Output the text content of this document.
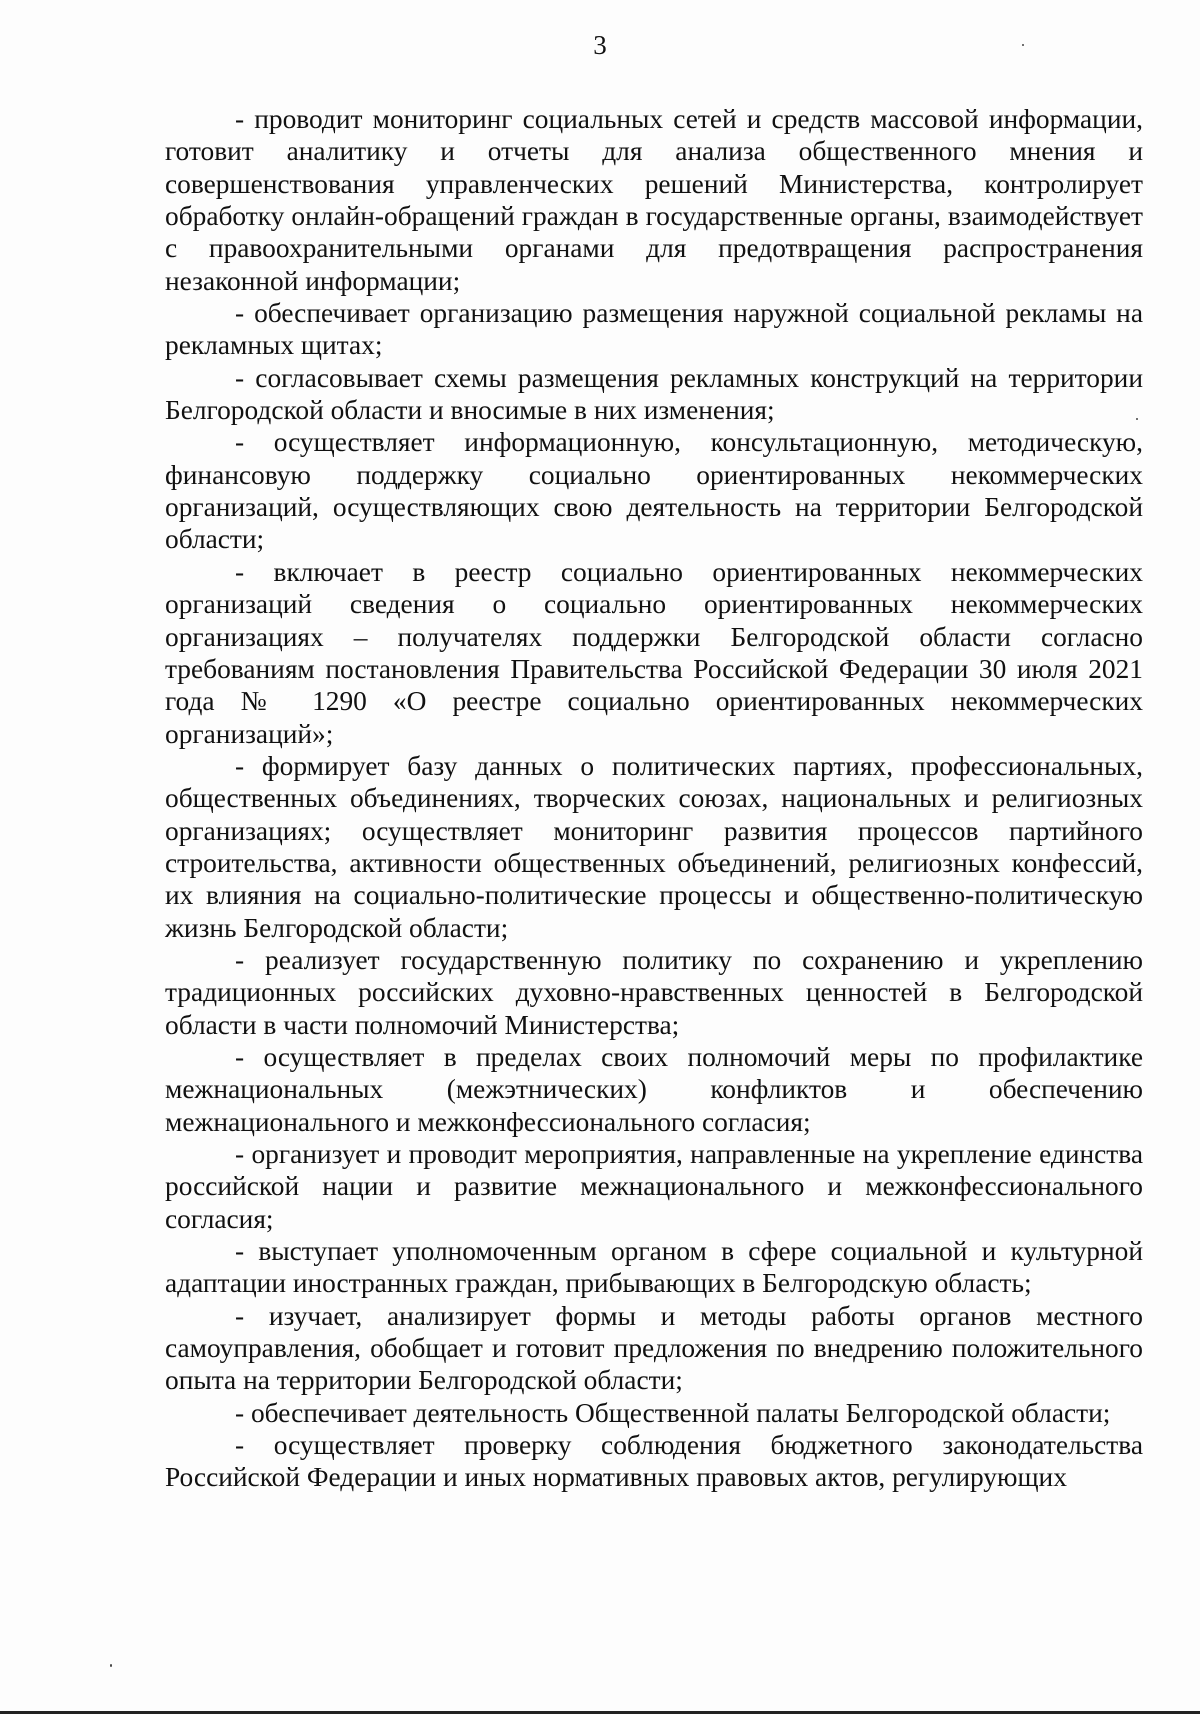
3

- проводит мониторинг социальных сетей и средств массовой информации, готовит аналитику и отчеты для анализа общественного мнения и совершенствования управленческих решений Министерства, контролирует обработку онлайн-обращений граждан в государственные органы, взаимодействует с правоохранительными органами для предотвращения распространения незаконной информации;

- обеспечивает организацию размещения наружной социальной рекламы на рекламных щитах;

- согласовывает схемы размещения рекламных конструкций на территории Белгородской области и вносимые в них изменения;

- осуществляет информационную, консультационную, методическую, финансовую поддержку социально ориентированных некоммерческих организаций, осуществляющих свою деятельность на территории Белгородской области;

- включает в реестр социально ориентированных некоммерческих организаций сведения о социально ориентированных некоммерческих организациях – получателях поддержки Белгородской области согласно требованиям постановления Правительства Российской Федерации 30 июля 2021 года № 1290 «О реестре социально ориентированных некоммерческих организаций»;

- формирует базу данных о политических партиях, профессиональных, общественных объединениях, творческих союзах, национальных и религиозных организациях; осуществляет мониторинг развития процессов партийного строительства, активности общественных объединений, религиозных конфессий, их влияния на социально-политические процессы и общественно-политическую жизнь Белгородской области;

- реализует государственную политику по сохранению и укреплению традиционных российских духовно-нравственных ценностей в Белгородской области в части полномочий Министерства;

- осуществляет в пределах своих полномочий меры по профилактике межнациональных (межэтнических) конфликтов и обеспечению межнационального и межконфессионального согласия;

- организует и проводит мероприятия, направленные на укрепление единства российской нации и развитие межнационального и межконфессионального согласия;

- выступает уполномоченным органом в сфере социальной и культурной адаптации иностранных граждан, прибывающих в Белгородскую область;

- изучает, анализирует формы и методы работы органов местного самоуправления, обобщает и готовит предложения по внедрению положительного опыта на территории Белгородской области;

- обеспечивает деятельность Общественной палаты Белгородской области;

- осуществляет проверку соблюдения бюджетного законодательства Российской Федерации и иных нормативных правовых актов, регулирующих
